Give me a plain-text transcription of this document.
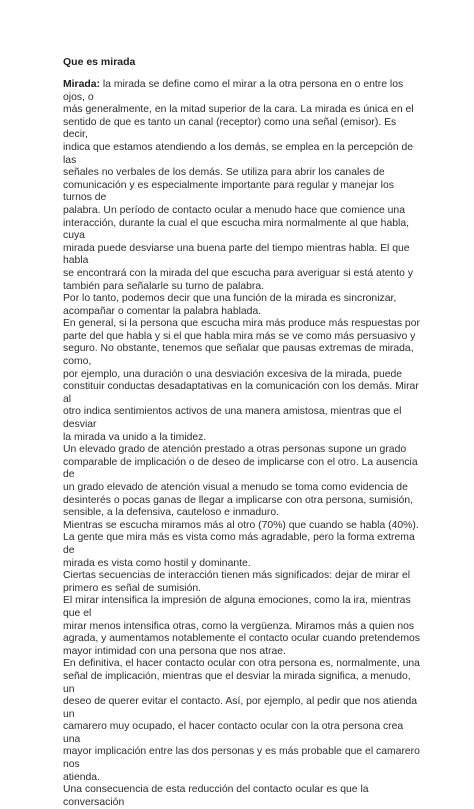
Que es mirada

Mirada: la mirada se define como el mirar a la otra persona en o entre los ojos, o
más generalmente, en la mitad superior de la cara. La mirada es única en el
sentido de que es tanto un canal (receptor) como una señal (emisor). Es decir,
indica que estamos atendiendo a los demás, se emplea en la percepción de las
señales no verbales de los demás. Se utiliza para abrir los canales de
comunicación y es especialmente importante para regular y manejar los turnos de
palabra. Un período de contacto ocular a menudo hace que comience una
interacción, durante la cual el que escucha mira normalmente al que habla, cuya
mirada puede desviarse una buena parte del tiempo mientras habla. El que habla
se encontrará con la mirada del que escucha para averiguar si está atento y
también para señalarle su turno de palabra.

Por lo tanto, podemos decir que una función de la mirada es sincronizar,
acompañar o comentar la palabra hablada.

En general, si la persona que escucha mira más produce más respuestas por
parte del que habla y si el que habla mira más se ve como más persuasivo y
seguro. No obstante, tenemos que señalar que pausas extremas de mirada, como,
por ejemplo, una duración o una desviación excesiva de la mirada, puede
constituir conductas desadaptativas en la comunicación con los demás. Mirar al
otro indica sentimientos activos de una manera amistosa, mientras que el desviar
la mirada va unido a la timidez.

Un elevado grado de atención prestado a otras personas supone un grado
comparable de implicación o de deseo de implicarse con el otro. La ausencia de
un grado elevado de atención visual a menudo se toma como evidencia de
desinterés o pocas ganas de llegar a implicarse con otra persona, sumisión,
sensible, a la defensiva, cauteloso e inmaduro.

Mientras se escucha miramos más al otro (70%) que cuando se habla (40%).

La gente que mira más es vista como más agradable, pero la forma extrema de
mirada es vista como hostil y dominante.

Ciertas secuencias de interacción tienen más significados: dejar de mirar el
primero es señal de sumisión.

El mirar intensifica la impresión de alguna emociones, como la ira, mientras que el
mirar menos intensifica otras, como la vergüenza. Miramos más a quien nos
agrada, y aumentamos notablemente el contacto ocular cuando pretendemos
mayor intimidad con una persona que nos atrae.

En definitiva, el hacer contacto ocular con otra persona es, normalmente, una
señal de implicación, mientras que el desviar la mirada significa, a menudo, un
deseo de querer evitar el contacto. Así, por ejemplo, al pedir que nos atienda un
camarero muy ocupado, el hacer contacto ocular con la otra persona crea una
mayor implicación entre las dos personas y es más probable que el camarero nos
atienda.

Una consecuencia de esta reducción del contacto ocular es que la conversación
